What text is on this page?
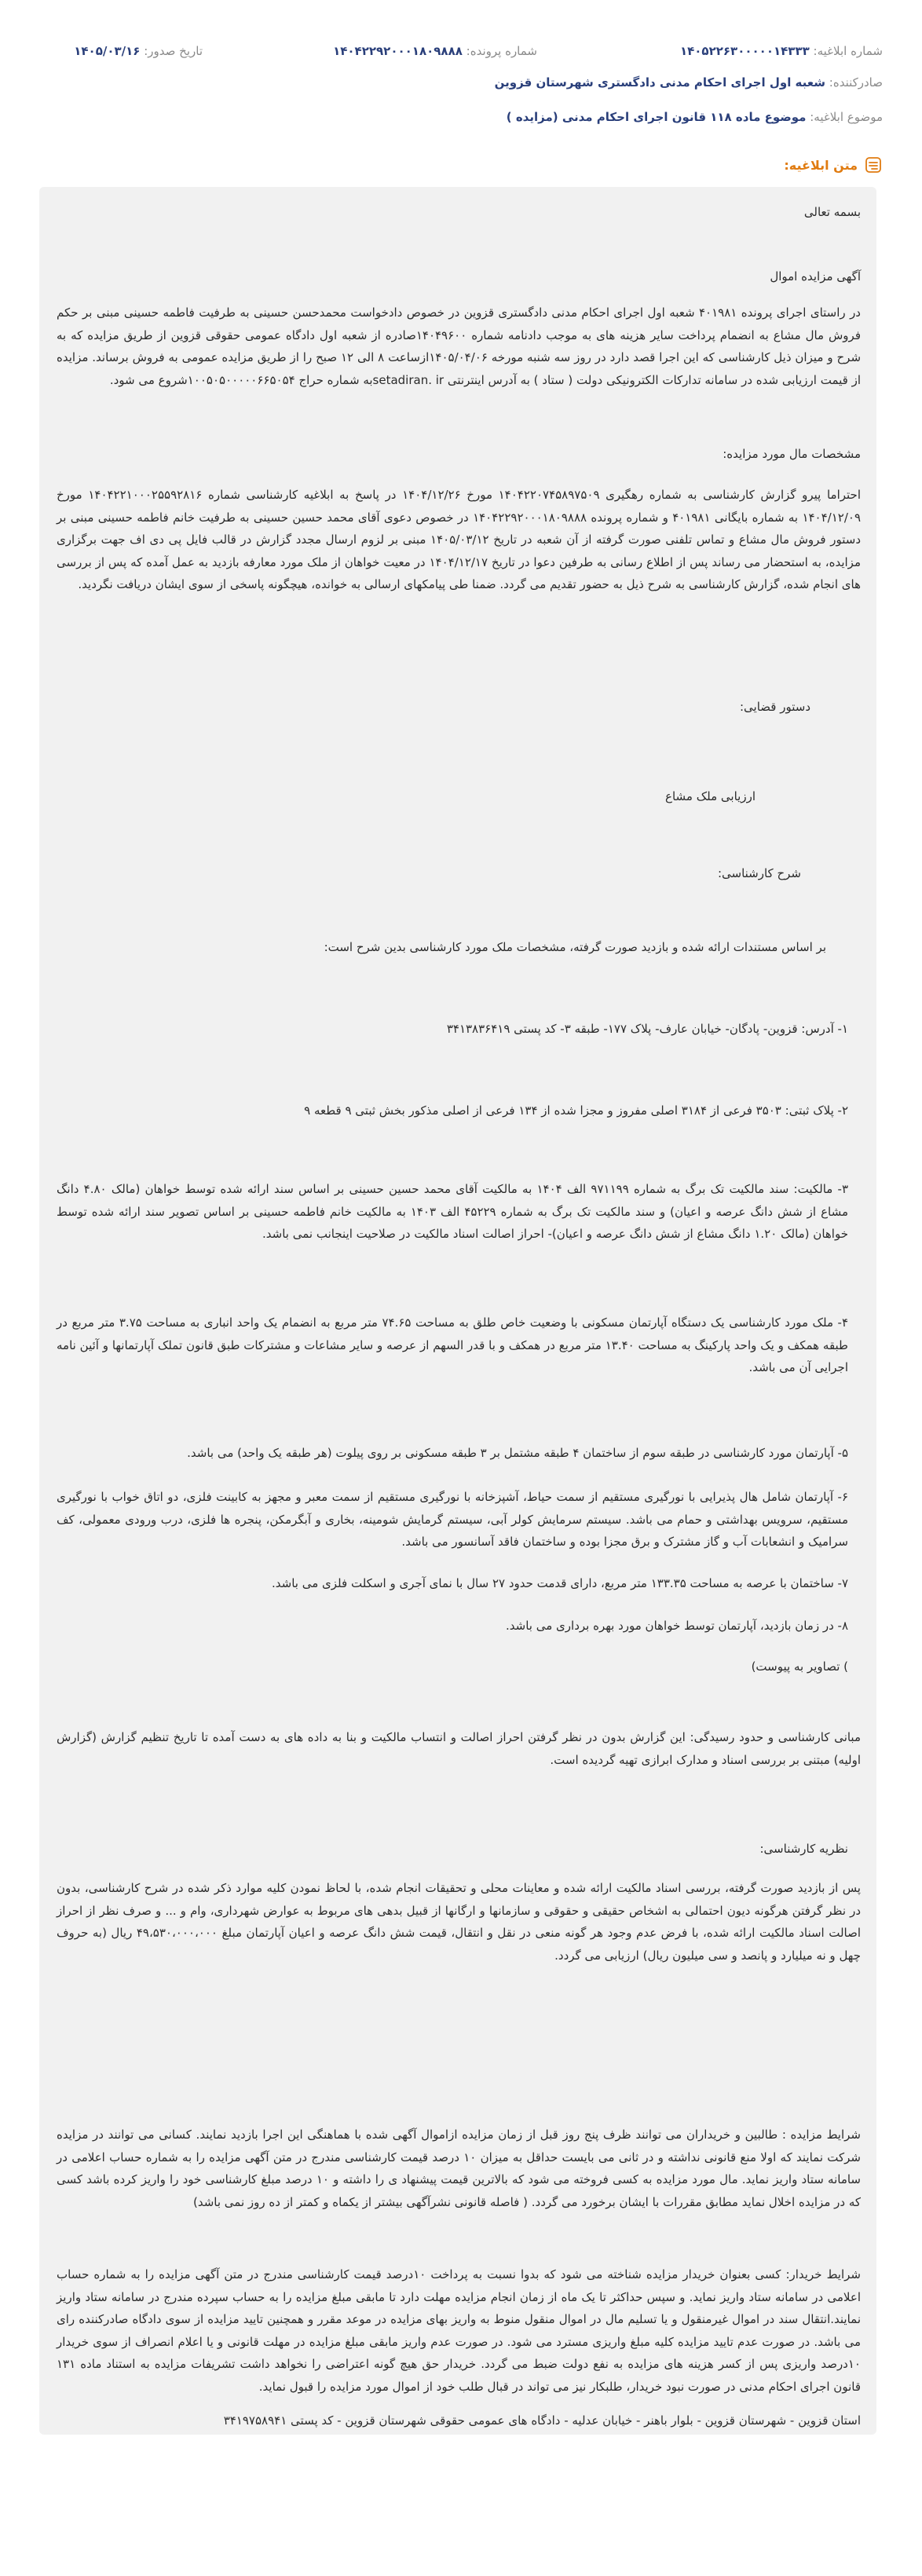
شماره ابلاغیه: ۱۴۰۵۲۲۶۳۰۰۰۰۰۱۴۳۳۳
شماره پرونده: ۱۴۰۴۲۲۹۲۰۰۰۱۸۰۹۸۸۸
تاریخ صدور: ۱۴۰۵/۰۳/۱۶
صادرکننده: شعبه اول اجرای احکام مدنی دادگستری شهرستان قزوین
موضوع ابلاغیه: موضوع ماده ۱۱۸ قانون اجرای احکام مدنی (مزایده )
متن ابلاغیه:

بسمه تعالی

آگهی مزایده اموال

در راستای اجرای پرونده ۴۰۱۹۸۱ شعبه اول اجرای احکام مدنی دادگستری قزوین در خصوص دادخواست محمدحسن حسینی به طرفیت فاطمه حسینی مبنی بر حکم فروش مال مشاع به انضمام پرداخت سایر هزینه های به موجب دادنامه شماره ۱۴۰۴۹۶۰۰صادره از شعبه اول دادگاه عمومی حقوقی قزوین از طریق مزایده که به شرح و میزان ذیل کارشناسی که این اجرا قصد دارد در روز سه شنبه مورخه ۱۴۰۵/۰۴/۰۶ازساعت ۸ الی ۱۲ صبح را از طریق مزایده عمومی به فروش برساند. مزایده از قیمت ارزیابی شده در سامانه تدارکات الکترونیکی دولت ( ستاد ) به آدرس اینترنتی setadiran. irبه شماره حراج ۱۰۰۵۰۵۰۰۰۰۰۶۶۵۰۵۴شروع می شود.

مشخصات مال مورد مزایده:

احتراما پیرو گزارش کارشناسی به شماره رهگیری ۱۴۰۴۲۲۰۷۴۵۸۹۷۵۰۹ مورخ ۱۴۰۴/۱۲/۲۶ در پاسخ به ابلاغیه کارشناسی شماره ۱۴۰۴۲۲۱۰۰۰۲۵۵۹۲۸۱۶ مورخ ۱۴۰۴/۱۲/۰۹ به شماره بایگانی ۴۰۱۹۸۱ و شماره پرونده ۱۴۰۴۲۲۹۲۰۰۰۱۸۰۹۸۸۸ در خصوص دعوی آقای محمد حسین حسینی به طرفیت خانم فاطمه حسینی مبنی بر دستور فروش مال مشاع و تماس تلفنی صورت گرفته از آن شعبه در تاریخ ۱۴۰۵/۰۳/۱۲ مبنی بر لزوم ارسال مجدد گزارش در قالب فایل پی دی اف جهت برگزاری مزایده، به استحضار می رساند پس از اطلاع رسانی به طرفین دعوا در تاریخ ۱۴۰۴/۱۲/۱۷ در معیت خواهان از ملک مورد معارفه بازدید به عمل آمده که پس از بررسی های انجام شده، گزارش کارشناسی به شرح ذیل به حضور تقدیم می گردد. ضمنا طی پیامکهای ارسالی به خوانده، هیچگونه پاسخی از سوی ایشان دریافت نگردید.

دستور قضایی:

ارزیابی ملک مشاع

شرح کارشناسی:

بر اساس مستندات ارائه شده و بازدید صورت گرفته، مشخصات ملک مورد کارشناسی بدین شرح است:

۱- آدرس: قزوین- پادگان- خیابان عارف- پلاک ۱۷۷- طبقه ۳- کد پستی ۳۴۱۳۸۳۶۴۱۹

۲- پلاک ثبتی: ۳۵۰۳ فرعی از ۳۱۸۴ اصلی مفروز و مجزا شده از ۱۳۴ فرعی از اصلی مذکور بخش ثبتی ۹ قطعه ۹

۳- مالکیت: سند مالکیت تک برگ به شماره ۹۷۱۱۹۹ الف ۱۴۰۴ به مالکیت آقای محمد حسین حسینی بر اساس سند ارائه شده توسط خواهان (مالک ۴.۸۰ دانگ مشاع از شش دانگ عرصه و اعیان) و سند مالکیت تک برگ به شماره ۴۵۲۲۹ الف ۱۴۰۳ به مالکیت خانم فاطمه حسینی بر اساس تصویر سند ارائه شده توسط خواهان (مالک ۱.۲۰ دانگ مشاع از شش دانگ عرصه و اعیان)- احراز اصالت اسناد مالکیت در صلاحیت اینجانب نمی باشد.

۴- ملک مورد کارشناسی یک دستگاه آپارتمان مسکونی با وضعیت خاص طلق به مساحت ۷۴.۶۵ متر مربع به انضمام یک واحد انباری به مساحت ۳.۷۵ متر مربع در طبقه همکف و یک واحد پارکینگ به مساحت ۱۳.۴۰ متر مربع در همکف و با قدر السهم از عرصه و سایر مشاعات و مشترکات طبق قانون تملک آپارتمانها و آئین نامه اجرایی آن می باشد.

۵- آپارتمان مورد کارشناسی در طبقه سوم از ساختمان ۴ طبقه مشتمل بر ۳ طبقه مسکونی بر روی پیلوت (هر طبقه یک واحد) می باشد.

۶- آپارتمان شامل هال پذیرایی با نورگیری مستقیم از سمت حیاط، آشپزخانه با نورگیری مستقیم از سمت معبر و مجهز به کابینت فلزی، دو اتاق خواب با نورگیری مستقیم، سرویس بهداشتی و حمام می باشد. سیستم سرمایش کولر آبی، سیستم گرمایش شومینه، بخاری و آبگرمکن، پنجره ها فلزی، درب ورودی معمولی، کف سرامیک و انشعابات آب و گاز مشترک و برق مجزا بوده و ساختمان فاقد آسانسور می باشد.

۷- ساختمان با عرصه به مساحت ۱۳۳.۳۵ متر مربع، دارای قدمت حدود ۲۷ سال با نمای آجری و اسکلت فلزی می باشد.

۸- در زمان بازدید، آپارتمان توسط خواهان مورد بهره برداری می باشد.

) تصاویر به پیوست)

مبانی کارشناسی و حدود رسیدگی: این گزارش بدون در نظر گرفتن احراز اصالت و انتساب مالکیت و بنا به داده های به دست آمده تا تاریخ تنظیم گزارش (گزارش اولیه) مبتنی بر بررسی اسناد و مدارک ابرازی تهیه گردیده است.

نظریه کارشناسی:

پس از بازدید صورت گرفته، بررسی اسناد مالکیت ارائه شده و معاینات محلی و تحقیقات انجام شده، با لحاظ نمودن کلیه موارد ذکر شده در شرح کارشناسی، بدون در نظر گرفتن هرگونه دیون احتمالی به اشخاص حقیقی و حقوقی و سازمانها و ارگانها از قبیل بدهی های مربوط به عوارض شهرداری، وام و ... و صرف نظر از احراز اصالت اسناد مالکیت ارائه شده، با فرض عدم وجود هر گونه منعی در نقل و انتقال، قیمت شش دانگ عرصه و اعیان آپارتمان مبلغ ۴۹،۵۳۰،۰۰۰،۰۰۰ ریال (به حروف چهل و نه میلیارد و پانصد و سی میلیون ریال) ارزیابی می گردد.

شرایط مزایده : طالبین و خریداران می توانند ظرف پنج روز قبل از زمان مزایده ازاموال آگهی شده با هماهنگی این اجرا بازدید نمایند. کسانی می توانند در مزایده شرکت نمایند که اولا منع قانونی نداشته و در ثانی می بایست حداقل به میزان ۱۰ درصد قیمت کارشناسی مندرج در متن آگهی مزایده را به شماره حساب اعلامی در سامانه ستاد واریز نماید. مال مورد مزایده به کسی فروخته می شود که بالاترین قیمت پیشنهاد ی را داشته و ۱۰ درصد مبلغ کارشناسی خود را واریز کرده باشد کسی که در مزایده اخلال نماید مطابق مقررات با ایشان برخورد می گردد. ( فاصله قانونی نشرآگهی بیشتر از یکماه و کمتر از ده روز نمی باشد)

شرایط خریدار: کسی بعنوان خریدار مزایده شناخته می شود که بدوا نسبت به پرداخت ۱۰درصد قیمت کارشناسی مندرج در متن آگهی مزایده را به شماره حساب اعلامی در سامانه ستاد واریز نماید. و سپس حداکثر تا یک ماه از زمان انجام مزایده مهلت دارد تا مابقی مبلغ مزایده را به حساب سپرده مندرج در سامانه ستاد واریز نمایند.انتقال سند در اموال غیرمنقول و یا تسلیم مال در اموال منقول منوط به واریز بهای مزایده در موعد مقرر و همچنین تایید مزایده از سوی دادگاه صادرکننده رای می باشد. در صورت عدم تایید مزایده کلیه مبلغ واریزی مسترد می شود. در صورت عدم واریز مابقی مبلغ مزایده در مهلت قانونی و یا اعلام انصراف از سوی خریدار ۱۰درصد واریزی پس از کسر هزینه های مزایده به نفع دولت ضبط می گردد. خریدار حق هیچ گونه اعتراضی را نخواهد داشت تشریفات مزایده به استناد ماده ۱۳۱ قانون اجرای احکام مدنی در صورت نبود خریدار، طلبکار نیز می تواند در قبال طلب خود از اموال مورد مزایده را قبول نماید.

استان قزوین - شهرستان قزوین - بلوار باهنر - خیابان عدلیه - دادگاه های عمومی حقوقی شهرستان قزوین - کد پستی ۳۴۱۹۷۵۸۹۴۱
